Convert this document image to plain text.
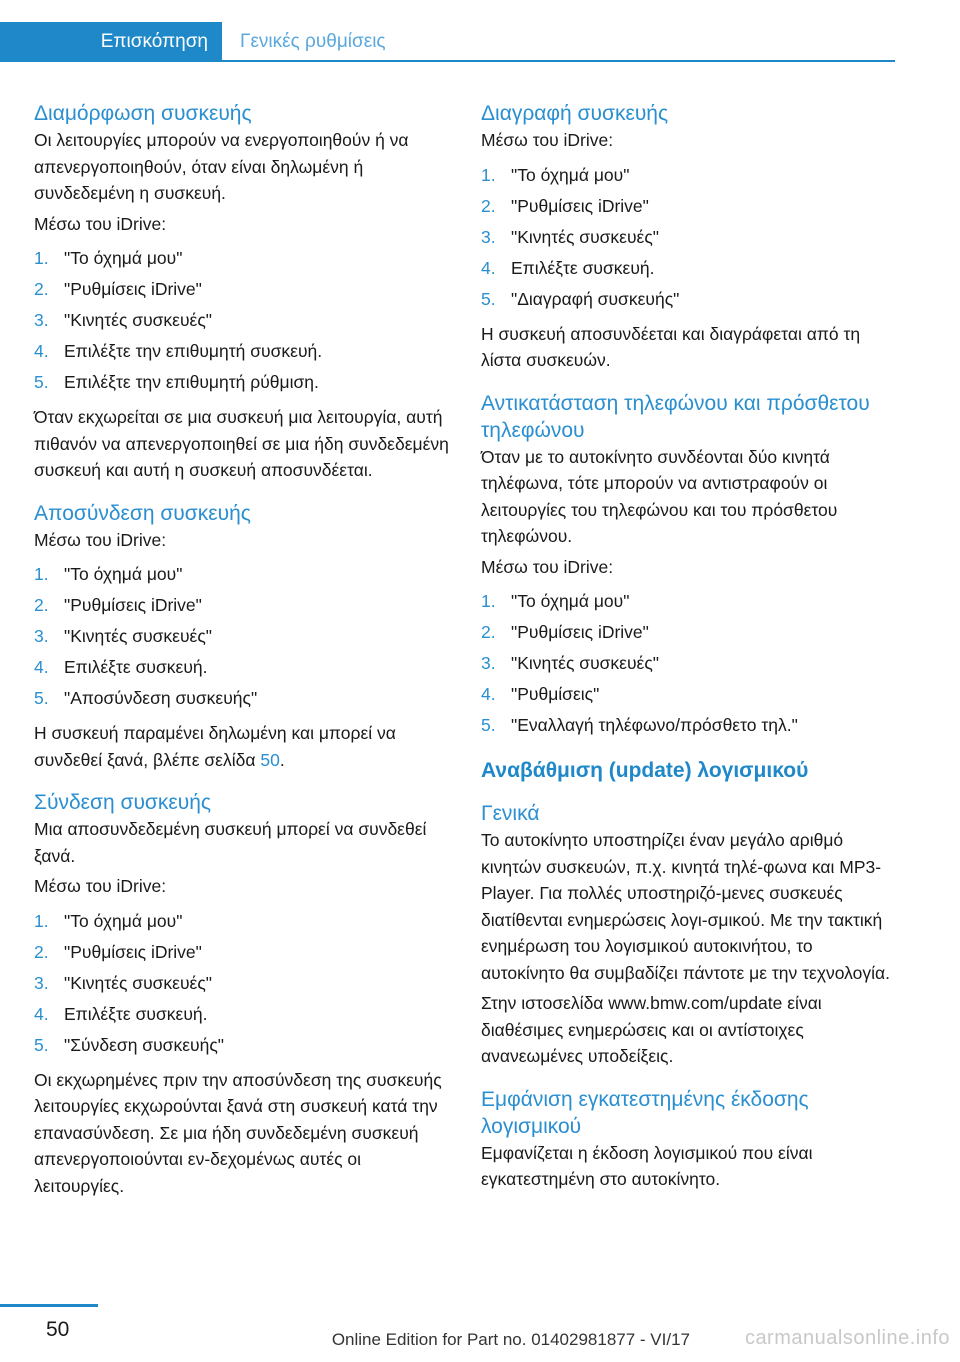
Επισκόπηση	Γενικές ρυθμίσεις
Διαμόρφωση συσκευής

Οι λειτουργίες μπορούν να ενεργοποιηθούν ή να απενεργοποιηθούν, όταν είναι δηλωμένη ή συνδεδεμένη η συσκευή.

Μέσω του iDrive:

1. "Το όχημά μου"
2. "Ρυθμίσεις iDrive"
3. "Κινητές συσκευές"
4. Επιλέξτε την επιθυμητή συσκευή.
5. Επιλέξτε την επιθυμητή ρύθμιση.

Όταν εκχωρείται σε μια συσκευή μια λειτουργία, αυτή πιθανόν να απενεργοποιηθεί σε μια ήδη συνδεδεμένη συσκευή και αυτή η συσκευή αποσυνδέεται.

Αποσύνδεση συσκευής

Μέσω του iDrive:

1. "Το όχημά μου"
2. "Ρυθμίσεις iDrive"
3. "Κινητές συσκευές"
4. Επιλέξτε συσκευή.
5. "Αποσύνδεση συσκευής"

Η συσκευή παραμένει δηλωμένη και μπορεί να συνδεθεί ξανά, βλέπε σελίδα 50.

Σύνδεση συσκευής

Μια αποσυνδεδεμένη συσκευή μπορεί να συνδεθεί ξανά.

Μέσω του iDrive:

1. "Το όχημά μου"
2. "Ρυθμίσεις iDrive"
3. "Κινητές συσκευές"
4. Επιλέξτε συσκευή.
5. "Σύνδεση συσκευής"

Οι εκχωρημένες πριν την αποσύνδεση της συσκευής λειτουργίες εκχωρούνται ξανά στη συσκευή κατά την επανασύνδεση. Σε μια ήδη συνδεδεμένη συσκευή απενεργοποιούνται εν-δεχομένως αυτές οι λειτουργίες.

Διαγραφή συσκευής

Μέσω του iDrive:

1. "Το όχημά μου"
2. "Ρυθμίσεις iDrive"
3. "Κινητές συσκευές"
4. Επιλέξτε συσκευή.
5. "Διαγραφή συσκευής"

Η συσκευή αποσυνδέεται και διαγράφεται από τη λίστα συσκευών.

Αντικατάσταση τηλεφώνου και πρόσθετου τηλεφώνου

Όταν με το αυτοκίνητο συνδέονται δύο κινητά τηλέφωνα, τότε μπορούν να αντιστραφούν οι λειτουργίες του τηλεφώνου και του πρόσθετου τηλεφώνου.

Μέσω του iDrive:

1. "Το όχημά μου"
2. "Ρυθμίσεις iDrive"
3. "Κινητές συσκευές"
4. "Ρυθμίσεις"
5. "Εναλλαγή τηλέφωνο/πρόσθετο τηλ."
Αναβάθμιση (update) λογισμικού
Γενικά

Το αυτοκίνητο υποστηρίζει έναν μεγάλο αριθμό κινητών συσκευών, π.χ. κινητά τηλέ-φωνα και MP3-Player. Για πολλές υποστηριζό-μενες συσκευές διατίθενται ενημερώσεις λογι-σμικού. Με την τακτική ενημέρωση του λογισμικού αυτοκινήτου, το αυτοκίνητο θα συμβαδίζει πάντοτε με την τεχνολογία.

Στην ιστοσελίδα www.bmw.com/update είναι διαθέσιμες ενημερώσεις και οι αντίστοιχες ανανεωμένες υποδείξεις.

Εμφάνιση εγκατεστημένης έκδοσης λογισμικού

Εμφανίζεται η έκδοση λογισμικού που είναι εγκατεστημένη στο αυτοκίνητο.

50	Online Edition for Part no. 01402981877 - VI/17	carmanualsonline.info
